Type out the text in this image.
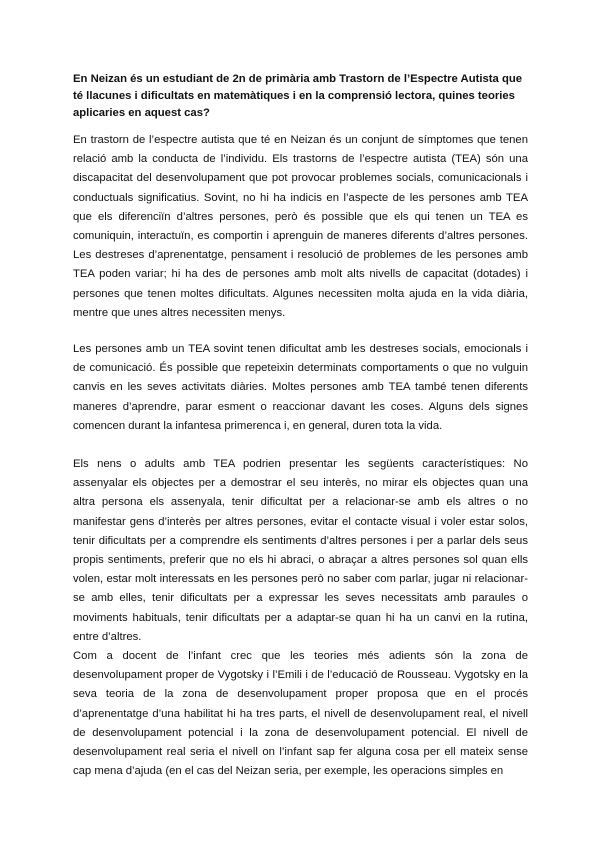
En Neizan és un estudiant de 2n de primària amb Trastorn de l’Espectre Autista que té llacunes i dificultats en matemàtiques i en la comprensió lectora, quines teories aplicaries en aquest cas?

En trastorn de l’espectre autista que té en Neizan és un conjunt de símptomes que tenen relació amb la conducta de l’individu. Els trastorns de l’espectre autista (TEA) són una discapacitat del desenvolupament que pot provocar problemes socials, comunicacionals i conductuals significatius. Sovint, no hi ha indicis en l’aspecte de les persones amb TEA que els diferenciïn d’altres persones, però és possible que els qui tenen un TEA es comuniquin, interactuïn, es comportin i aprenguin de maneres diferents d’altres persones. Les destreses d’aprenentatge, pensament i resolució de problemes de les persones amb TEA poden variar; hi ha des de persones amb molt alts nivells de capacitat (dotades) i persones que tenen moltes dificultats. Algunes necessiten molta ajuda en la vida diària, mentre que unes altres necessiten menys.

Les persones amb un TEA sovint tenen dificultat amb les destreses socials, emocionals i de comunicació. És possible que repeteixin determinats comportaments o que no vulguin canvis en les seves activitats diàries. Moltes persones amb TEA també tenen diferents maneres d’aprendre, parar esment o reaccionar davant les coses. Alguns dels signes comencen durant la infantesa primerenca i, en general, duren tota la vida.

Els nens o adults amb TEA podrien presentar les següents característiques: No assenyalar els objectes per a demostrar el seu interès, no mirar els objectes quan una altra persona els assenyala, tenir dificultat per a relacionar-se amb els altres o no manifestar gens d’interès per altres persones, evitar el contacte visual i voler estar solos, tenir dificultats per a comprendre els sentiments d’altres persones i per a parlar dels seus propis sentiments, preferir que no els hi abraci, o abraçar a altres persones sol quan ells volen, estar molt interessats en les persones però no saber com parlar, jugar ni relacionar-se amb elles, tenir dificultats per a expressar les seves necessitats amb paraules o moviments habituals, tenir dificultats per a adaptar-se quan hi ha un canvi en la rutina, entre d’altres.

Com a docent de l’infant crec que les teories més adients són la zona de desenvolupament proper de Vygotsky i l’Emili i de l’educació de Rousseau. Vygotsky en la seva teoria de la zona de desenvolupament proper proposa que en el procés d’aprenentatge d’una habilitat hi ha tres parts, el nivell de desenvolupament real, el nivell de desenvolupament potencial i la zona de desenvolupament potencial. El nivell de desenvolupament real seria el nivell on l’infant sap fer alguna cosa per ell mateix sense cap mena d’ajuda (en el cas del Neizan seria, per exemple, les operacions simples en
